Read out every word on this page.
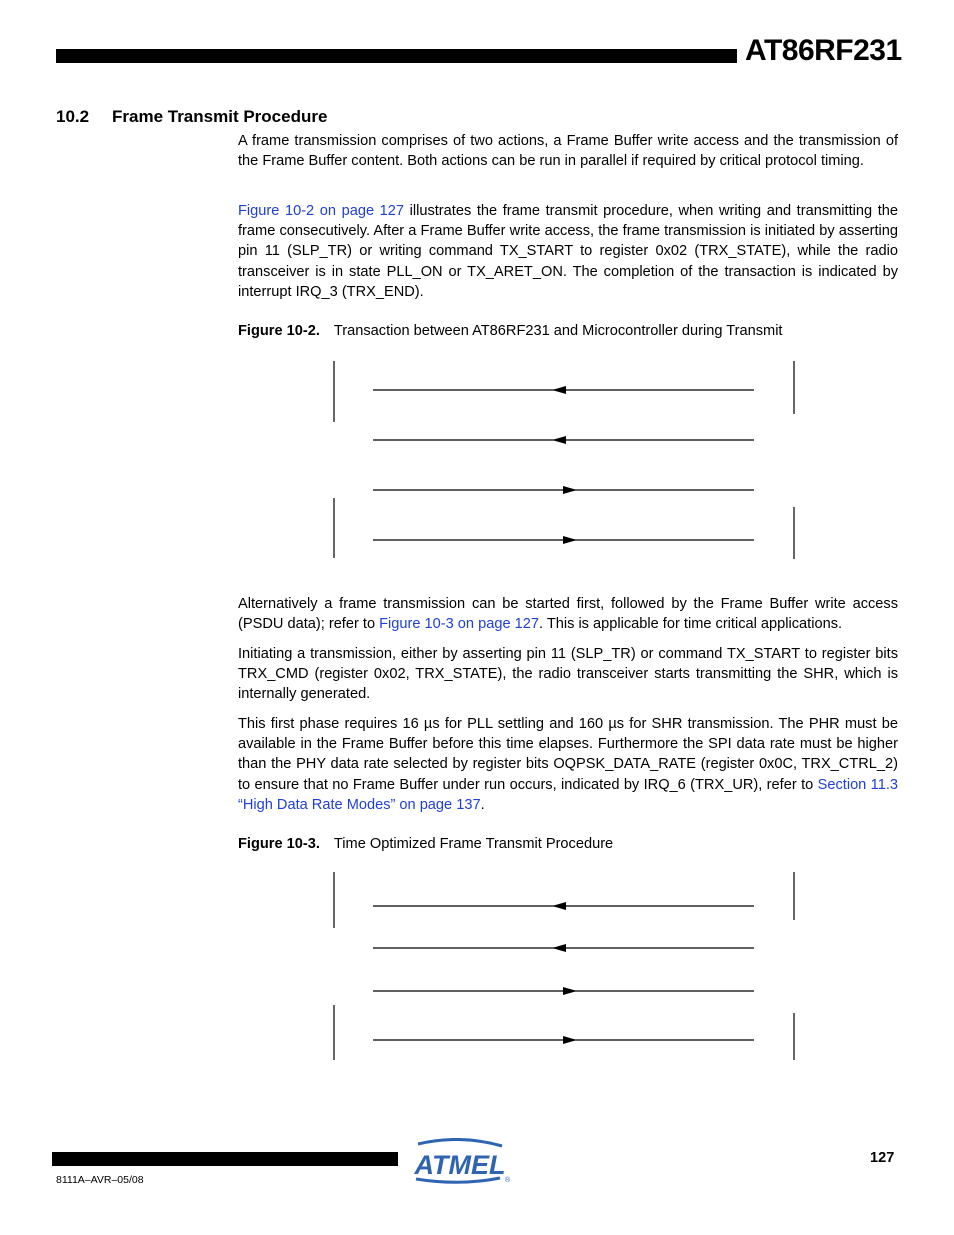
AT86RF231
10.2 Frame Transmit Procedure

A frame transmission comprises of two actions, a Frame Buffer write access and the transmission of the Frame Buffer content. Both actions can be run in parallel if required by critical protocol timing.

Figure 10-2 on page 127 illustrates the frame transmit procedure, when writing and transmitting the frame consecutively. After a Frame Buffer write access, the frame transmission is initiated by asserting pin 11 (SLP_TR) or writing command TX_START to register 0x02 (TRX_STATE), while the radio transceiver is in state PLL_ON or TX_ARET_ON. The completion of the transaction is indicated by interrupt IRQ_3 (TRX_END).

Figure 10-2. Transaction between AT86RF231 and Microcontroller during Transmit

Alternatively a frame transmission can be started first, followed by the Frame Buffer write access (PSDU data); refer to Figure 10-3 on page 127. This is applicable for time critical applications.

Initiating a transmission, either by asserting pin 11 (SLP_TR) or command TX_START to register bits TRX_CMD (register 0x02, TRX_STATE), the radio transceiver starts transmitting the SHR, which is internally generated.

This first phase requires 16 µs for PLL settling and 160 µs for SHR transmission. The PHR must be available in the Frame Buffer before this time elapses. Furthermore the SPI data rate must be higher than the PHY data rate selected by register bits OQPSK_DATA_RATE (register 0x0C, TRX_CTRL_2) to ensure that no Frame Buffer under run occurs, indicated by IRQ_6 (TRX_UR), refer to Section 11.3 “High Data Rate Modes” on page 137.

Figure 10-3. Time Optimized Frame Transmit Procedure
127
8111A–AVR–05/08	ATMEL
®
